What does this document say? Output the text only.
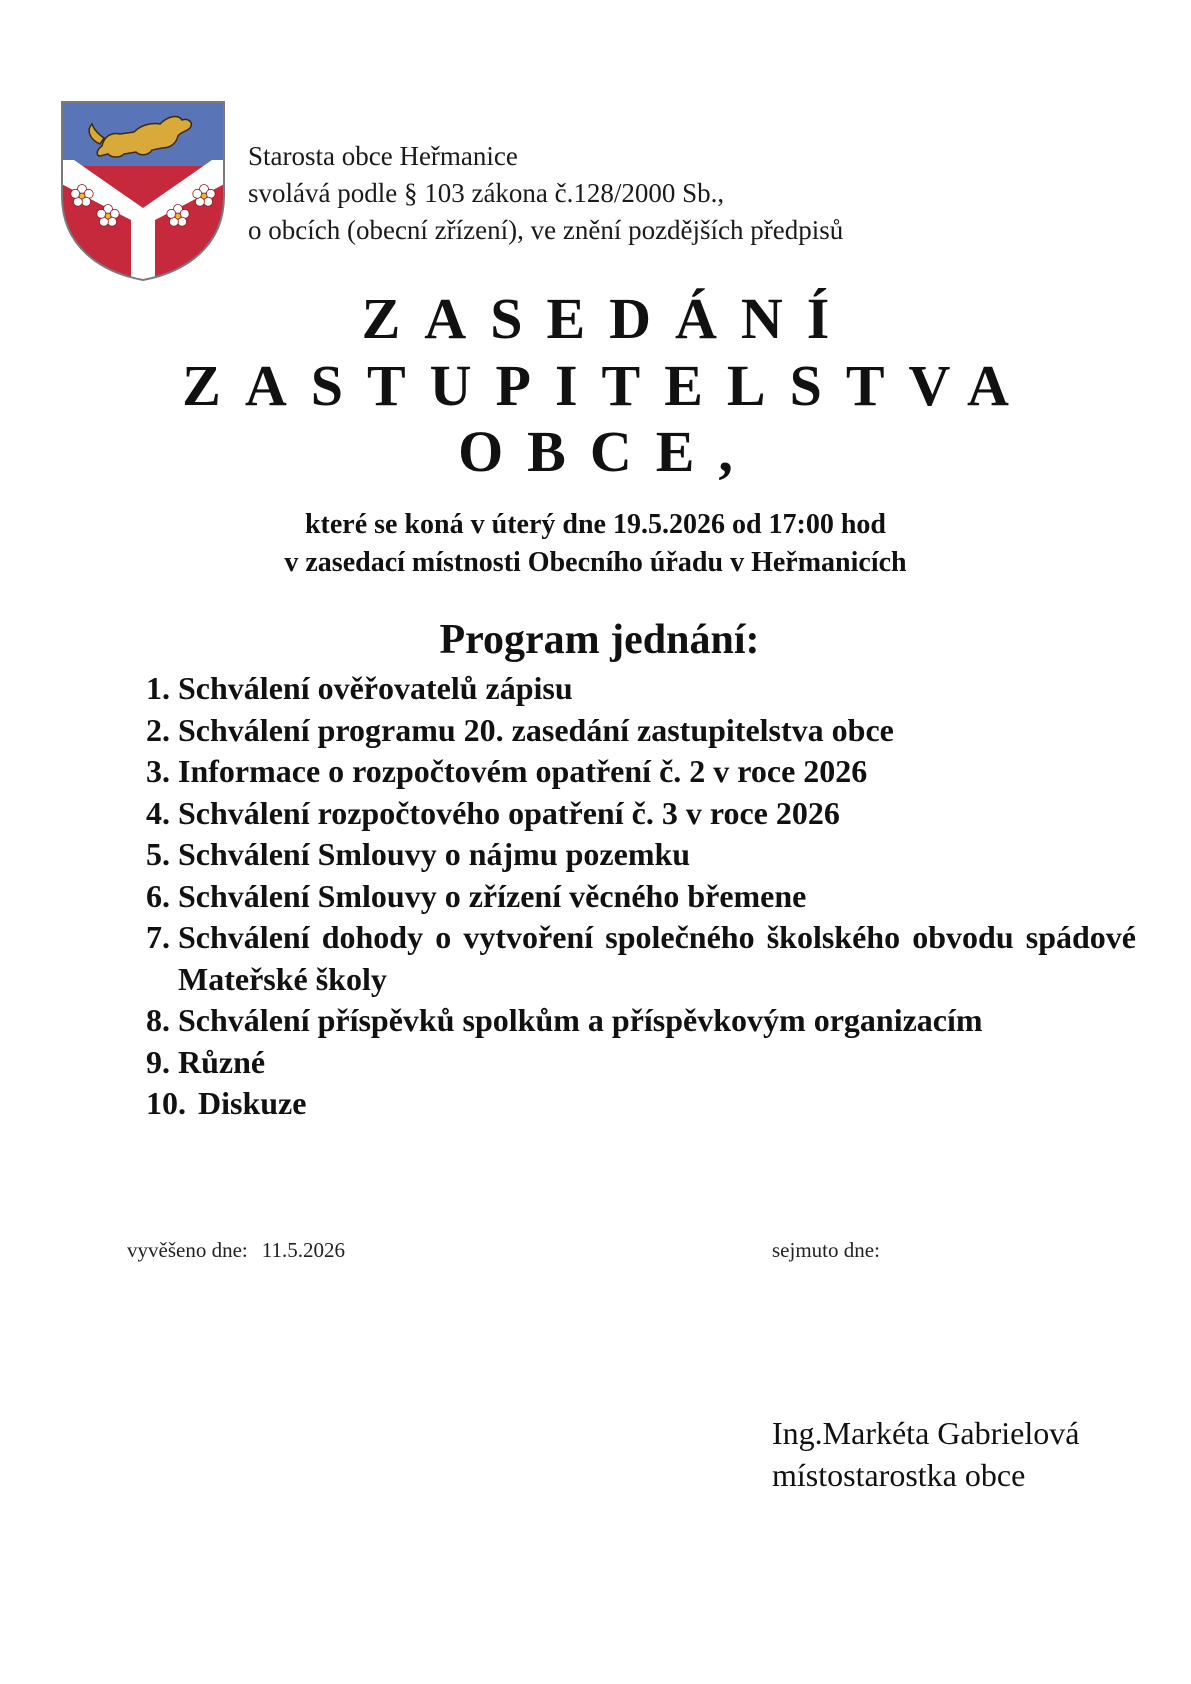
Starosta obce Heřmanice
svolává podle § 103 zákona č.128/2000 Sb.,
o obcích (obecní zřízení), ve znění pozdějších předpisů
ZASEDÁNÍ
ZASTUPITELSTVA
OBCE,
které se koná v úterý dne 19.5.2026 od 17:00 hod
v zasedací místnosti Obecního úřadu v Heřmanicích
Program jednání:
1. Schválení ověřovatelů zápisu
2. Schválení programu 20. zasedání zastupitelstva obce
3. Informace o rozpočtovém opatření č. 2 v roce 2026
4. Schválení rozpočtového opatření č. 3 v roce 2026
5. Schválení Smlouvy o nájmu pozemku
6. Schválení Smlouvy o zřízení věcného břemene
7. Schválení dohody o vytvoření společného školského obvodu spádové Mateřské školy
8. Schválení příspěvků spolkům a příspěvkovým organizacím
9. Různé
10. Diskuze
vyvěšeno dne: 11.5.2026	sejmuto dne:
Ing.Markéta Gabrielová
místostarostka obce
